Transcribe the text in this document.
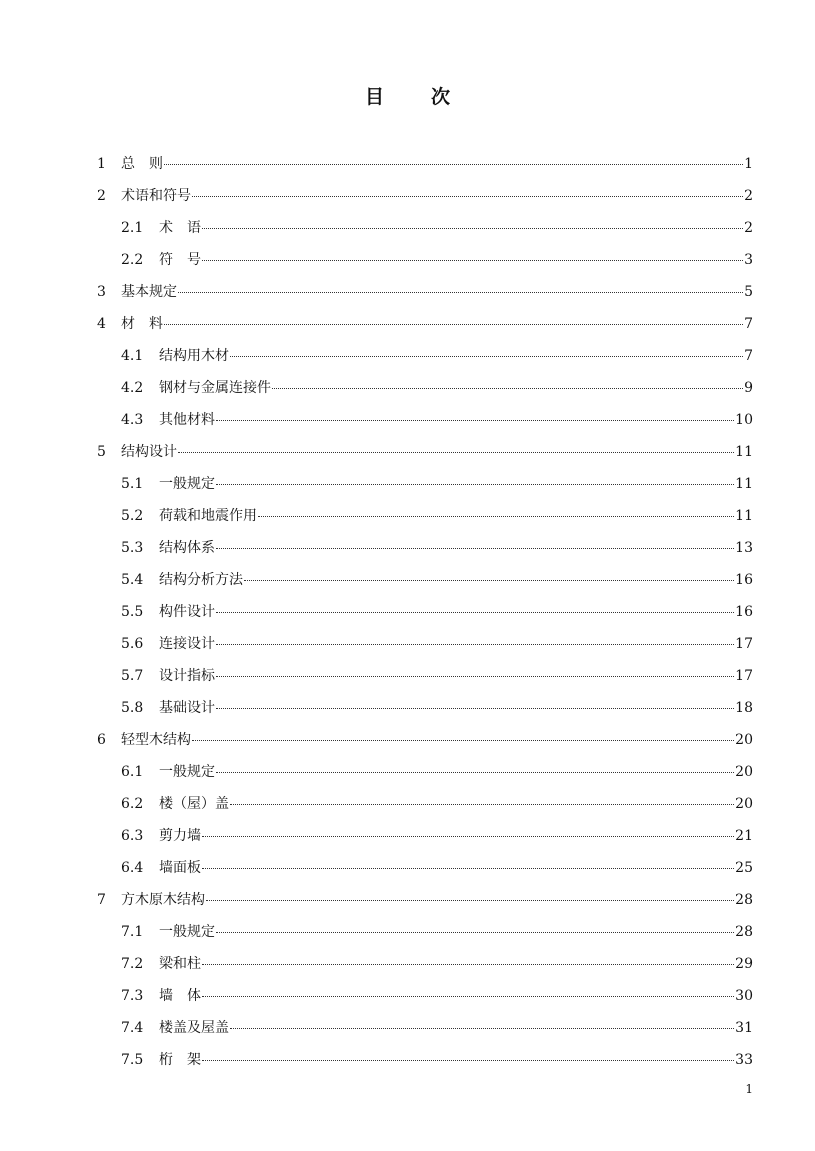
目　次
1	总　则	1
2	术语和符号	2
2.1	术　语	2
2.2	符　号	3
3	基本规定	5
4	材　料	7
4.1	结构用木材	7
4.2	钢材与金属连接件	9
4.3	其他材料	10
5	结构设计	11
5.1	一般规定	11
5.2	荷载和地震作用	11
5.3	结构体系	13
5.4	结构分析方法	16
5.5	构件设计	16
5.6	连接设计	17
5.7	设计指标	17
5.8	基础设计	18
6	轻型木结构	20
6.1	一般规定	20
6.2	楼（屋）盖	20
6.3	剪力墙	21
6.4	墙面板	25
7	方木原木结构	28
7.1	一般规定	28
7.2	梁和柱	29
7.3	墙　体	30
7.4	楼盖及屋盖	31
7.5	桁　架	33
1
